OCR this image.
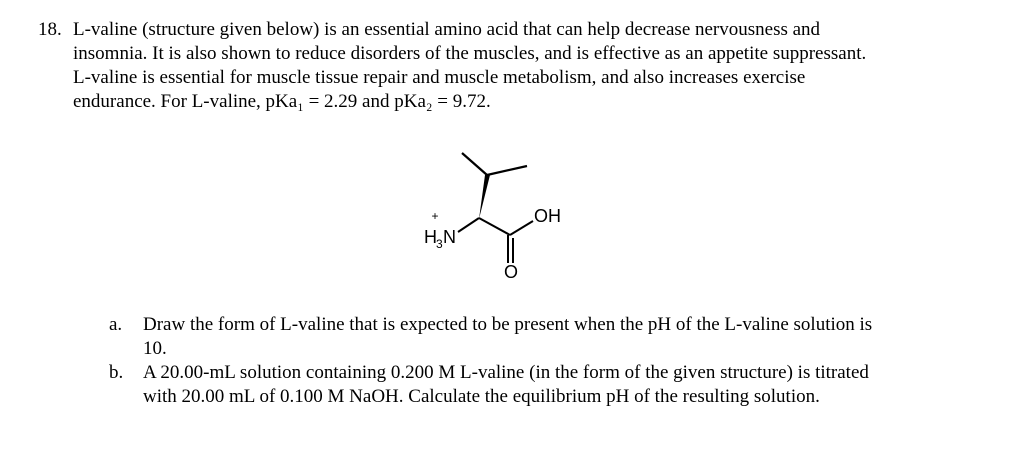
18. L-valine (structure given below) is an essential amino acid that can help decrease nervousness and
insomnia. It is also shown to reduce disorders of the muscles, and is effective as an appetite suppressant.
L-valine is essential for muscle tissue repair and muscle metabolism, and also increases exercise
endurance. For L-valine, pKa₁ = 2.29 and pKa₂ = 9.72.
+
H 3 N
OH
O
a. Draw the form of L-valine that is expected to be present when the pH of the L-valine solution is
10.
b. A 20.00-mL solution containing 0.200 M L-valine (in the form of the given structure) is titrated
with 20.00 mL of 0.100 M NaOH. Calculate the equilibrium pH of the resulting solution.
